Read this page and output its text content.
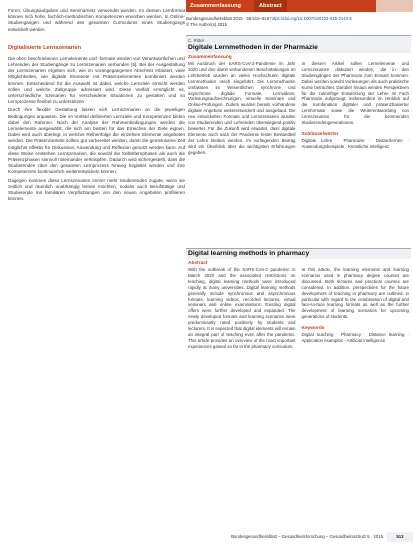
Foren, Übungsaufgaben und Seminarnetz verwendet werden. Im dessen Lernformat können sich hohe, fachlich-methodischen Kompetenzen erworben werden. In Online-Studiengängen und während des gesamten Curriculums eines Studiengangs entwickelt werden.

Digitalisierte Lernszenarien

Die oben beschriebenen Lernelemente und -formate werden von Verantwortlichen und Lehrenden der Studiengänge zu Lernszenarien verbunden [5]. Bei der Ausgestaltung der Lernszenarien ergeben sich, wie im vorangegangenen Abschnitt erläutert, viele Möglichkeiten, wie digitale Elemente mit Präsenzelementen kombiniert werden können. Entscheidend für die Auswahl ist dabei, welche Lernziele erreicht werden sollen und welche Zielgruppe adressiert wird. Diese Vielfalt ermöglicht es, unterschiedliche Szenarien für verschiedene Situationen zu gestalten und so Lernprozesse flexibel zu unterstützen.

Durch ihre flexible Gestaltung lassen sich Lernszenarien an die jeweiligen Bedingungen anpassen. Die im Vorfeld definierten Lernziele und Kompetenzen bilden dabei den Rahmen. Nach der Analyse der Rahmenbedingungen werden die Lernelemente ausgewählt, die sich am besten für das Erreichen der Ziele eignen. Dabei wird auch überlegt, in welcher Reihenfolge die einzelnen Elemente angeboten werden. Die Präsenzanteile sollten gut vorbereitet werden, damit die gemeinsame Zeit möglichst effektiv für Diskussion, Anwendung und Reflexion genutzt werden kann. Auf diese Weise entstehen Lernszenarien, die sowohl die Selbstlernphasen als auch die Präsenzphasen sinnvoll miteinander verknüpfen. Dadurch wird sichergestellt, dass die Studierenden über den gesamten Lernprozess hinweg begleitet werden und ihre Kompetenzen kontinuierlich weiterentwickeln können.

Dagegen kommen diese Lernszenarien immer mehr Studierenden zugute, wenn sie zeitlich und räumlich unabhängig lernen möchten, sodass auch Berufstätige und Studierende mit familiären Verpflichtungen von den neuen Angeboten profitieren können.

Zusammenfassung	Abstract
Bundesgesundheitsblatt 2015 · 58:515–518 https://doi.org/10.1007/s00103-015-2143-5
© The Author(s) 2015
C. Ritter
Digitale Lernmethoden in der Pharmazie
Zusammenfassung

Mit Ausbruch der SARS-CoV-2-Pandemie im Jahr 2020 und den damit verbundenen Beschränkungen im Lehrbetrieb wurden an vielen Hochschulen digitale Lernmethoden rasch eingeführt. Die Lernmethoden umfassten im Wesentlichen synchrone und asynchrone digitale Formate, Lernvideos, Vorlesungsaufzeichnungen, virtuelle Seminare und Online-Prüfungen. Zudem wurden bereits vorhandene digitale Angebote weiterentwickelt und ausgebaut. Die neu entwickelten Formate und Lernszenarien wurden von Studierenden und Lehrenden überwiegend positiv bewertet. Für die Zukunft wird erwartet, dass digitale Elemente auch nach der Pandemie fester Bestandteil der Lehre bleiben werden. Im vorliegenden Beitrag wird ein Überblick über die wichtigsten Erfahrungen gegeben.

In diesem Artikel sollen Lernelemente und Lernszenarien diskutiert werden, die in den Studiengängen der Pharmazie zum Einsatz kommen. Dabei werden sowohl Vorlesungen als auch praktische Kurse betrachtet. Darüber hinaus werden Perspektiven für die zukünftige Entwicklung der Lehre im Fach Pharmazie aufgezeigt, insbesondere im Hinblick auf die Kombination digitaler und präsenzbasierter Lernformate sowie die Weiterentwicklung von Lernszenarien für die kommenden Studierendengenerationen.

Schlüsselwörter
Digitale Lehre · Pharmazie · Distanzlernen · Anwendungsbeispiele · Künstliche Intelligenz
Digital learning methods in pharmacy
Abstract

With the outbreak of the SARS-CoV-2 pandemic in March 2020 and the associated restrictions on teaching, digital learning methods were introduced rapidly at many universities. Digital learning methods generally include synchronous and asynchronous formats, learning videos, recorded lectures, virtual seminars and online examinations. Existing digital offers were further developed and expanded. The newly developed formats and learning scenarios were predominantly rated positively by students and lecturers. It is expected that digital elements will remain an integral part of teaching even after the pandemic. This article provides an overview of the most important experiences gained so far in the pharmacy curriculum.

In this article, the learning elements and learning scenarios used in pharmacy degree courses are discussed. Both lectures and practical courses are considered. In addition, perspectives for the future development of teaching in pharmacy are outlined, in particular with regard to the combination of digital and face-to-face learning formats as well as the further development of learning scenarios for upcoming generations of students.

Keywords
Digital teaching · Pharmacy · Distance learning · Application examples · Artificial intelligence
Bundesgesundheitsblatt – Gesundheitsforschung – Gesundheitsschutz 5 · 2015	513
